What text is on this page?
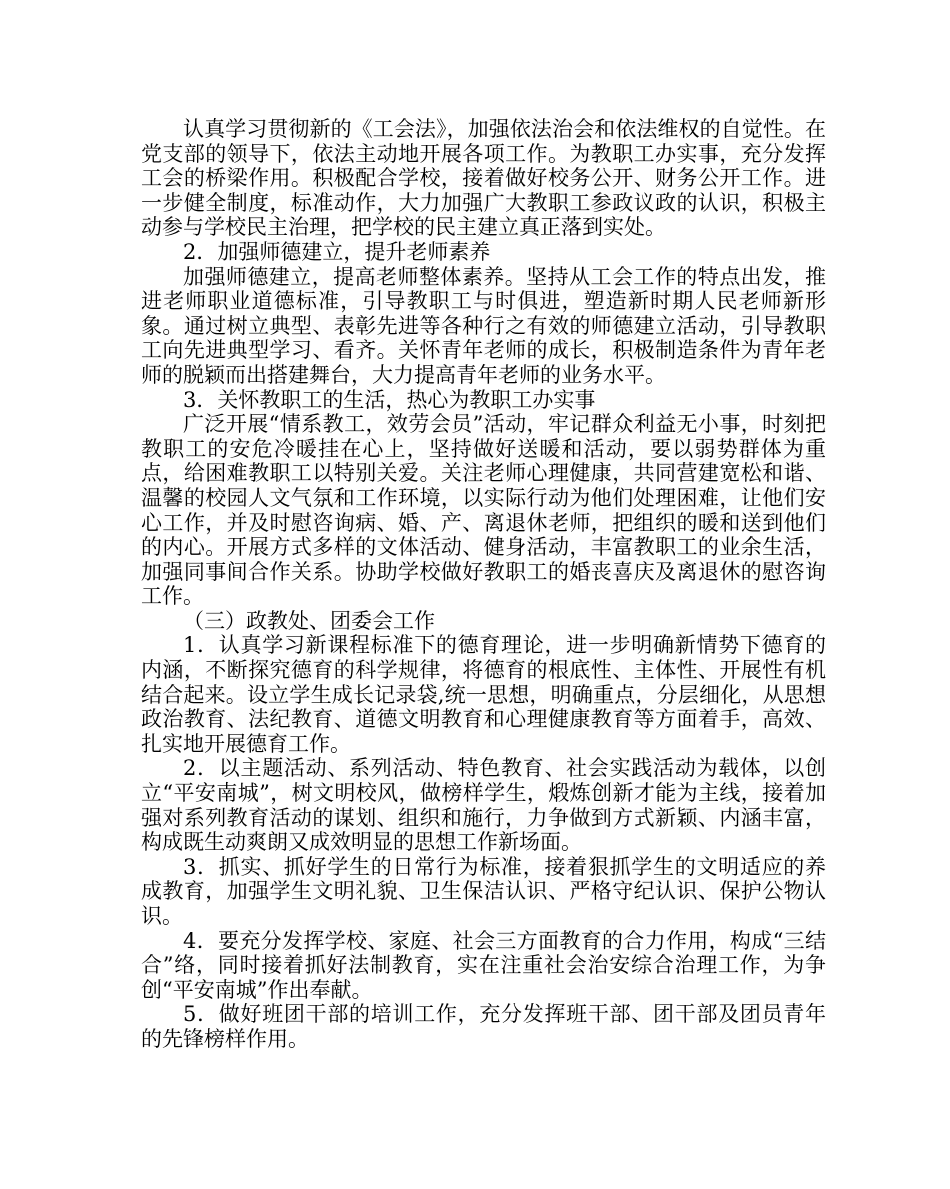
认真学习贯彻新的《工会法》，加强依法治会和依法维权的自觉性。在党支部的领导下，依法主动地开展各项工作。为教职工办实事，充分发挥工会的桥梁作用。积极配合学校，接着做好校务公开、财务公开工作。进一步健全制度，标准动作，大力加强广大教职工参政议政的认识，积极主动参与学校民主治理，把学校的民主建立真正落到实处。

2．加强师德建立，提升老师素养

加强师德建立，提高老师整体素养。坚持从工会工作的特点出发，推进老师职业道德标准，引导教职工与时俱进，塑造新时期人民老师新形象。通过树立典型、表彰先进等各种行之有效的师德建立活动，引导教职工向先进典型学习、看齐。关怀青年老师的成长，积极制造条件为青年老师的脱颖而出搭建舞台，大力提高青年老师的业务水平。

3．关怀教职工的生活，热心为教职工办实事

广泛开展“情系教工，效劳会员”活动，牢记群众利益无小事，时刻把教职工的安危冷暖挂在心上，坚持做好送暖和活动，要以弱势群体为重点，给困难教职工以特别关爱。关注老师心理健康，共同营建宽松和谐、温馨的校园人文气氛和工作环境，以实际行动为他们处理困难，让他们安心工作，并及时慰咨询病、婚、产、离退休老师，把组织的暖和送到他们的内心。开展方式多样的文体活动、健身活动，丰富教职工的业余生活，加强同事间合作关系。协助学校做好教职工的婚丧喜庆及离退休的慰咨询工作。

（三）政教处、团委会工作

1．认真学习新课程标准下的德育理论，进一步明确新情势下德育的内涵，不断探究德育的科学规律，将德育的根底性、主体性、开展性有机结合起来。设立学生成长记录袋,统一思想，明确重点，分层细化，从思想政治教育、法纪教育、道德文明教育和心理健康教育等方面着手，高效、扎实地开展德育工作。

2．以主题活动、系列活动、特色教育、社会实践活动为载体，以创立“平安南城”，树文明校风，做榜样学生，煅炼创新才能为主线，接着加强对系列教育活动的谋划、组织和施行，力争做到方式新颖、内涵丰富，构成既生动爽朗又成效明显的思想工作新场面。

3．抓实、抓好学生的日常行为标准，接着狠抓学生的文明适应的养成教育，加强学生文明礼貌、卫生保洁认识、严格守纪认识、保护公物认识。

4．要充分发挥学校、家庭、社会三方面教育的合力作用，构成“三结合”络，同时接着抓好法制教育，实在注重社会治安综合治理工作，为争创“平安南城”作出奉献。

5．做好班团干部的培训工作，充分发挥班干部、团干部及团员青年的先锋榜样作用。
